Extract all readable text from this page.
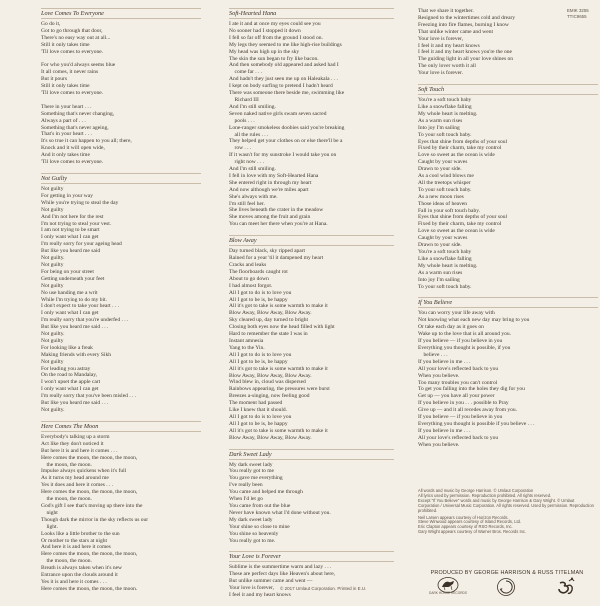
Love Comes To Everyone
Go do it,
Got to go through that door,
There's no easy way out at all...
Still it only takes time
'Til love comes to everyone.
For who you'd always seems blue
It all comes, it never rains
But it pours
Still it only takes time
'Til love comes to everyone.
There in your heart . . .
Something that's never changing,
Always a part of . . .
Something that's never ageing,
That's in your heart . . .
It's so true it can happen to you all; there,
Knock and it will open wide,
And it only takes time
'Til love comes to everyone.
Not Guilty
Not guilty
For getting in your way
While you're trying to steal the day
Not guilty
And I'm not here for the rest
I'm not trying to steal your vest.
I am not trying to be smart
I only want what I can get
I'm really sorry for your ageing head
But like you heard me said
Not guilty.
Not guilty
For being on your street
Getting underneath your feet
Not guilty
No use handing me a writ
While I'm trying to do my bit.
I don't expect to take your heart . . .
I only want what I can get
I'm really sorry that you're underfed . . .
But like you heard me said . . .
Not guilty.
Not guilty
For looking like a freak
Making friends with every Sikh
Not guilty
For leading you astray
On the road to Mandalay,
I won't upset the apple cart
I only want what I can get
I'm really sorry that you've been misled . . .
But like you heard me said . . .
Not guilty.
Here Comes The Moon
Everybody's talking up a storm
Act like they don't noticed it
But here it is and here it comes . . .
Here comes the moon, the moon, the moon,
the moon, the moon.
Impulse always quickens when it's full
As it turns my head around me
Yes it does and here it comes . . .
Here comes the moon, the moon, the moon,
the moon, the moon.
God's gift I see that's moving up there into the
night
Though dark the mirror in the sky reflects us our
light.
Looks like a little brother to the sun
Or mother to the stars at night
And here it is and here it comes
Here comes the moon, the moon, the moon,
the moon, the moon.
Breath is always taken when it's new
Entrance upon the clouds around it
Yes it is and here it comes . . .
Here comes the moon, the moon, the moon.
Soft-Hearted Hana
I ate it and at once my eyes could see you
No sooner had I stopped it down
I fell so far off from the ground I stood on.
My legs they seemed to me like high-rise buildings
My head was high up in the sky
The skin the sun began to fry like bacon.
And then somebody old appeared and asked had I
come far . . .
And hadn't they just seen me up on Haleakala . . .
I kept on body surfing to pretend I hadn't heard
There was someone there beside me, swimming like
Richard III
And I'm still smiling.
Seven naked native girls swam seven sacred
pools . . .
Lone-ranger smokeless doobies said you're breaking
all the rules . . .
They helped get your clothes on or else there'll be a
row . . .
If it wasn't for my sunstroke I would take you on
right now . . .
And I'm still smiling.
I fell in love with my Soft-Hearted Hana
She entered right in through my heart
And now although we're miles apart
She's always with me.
I'm still feel her.
She lives beneath the crater in the meadow
She moves among the fruit and grain
You can meet her there when you're at Hana.
Blow Away
Day turned black, sky ripped apart
Rained for a year 'til it dampened my heart
Cracks and leaks
The floorboards caught rot
About to go down
I had almost forgot.
All I got to do is to love you
All I got to be is, be happy
All it's got to take is some warmth to make it
Blow Away, Blow Away, Blow Away.
Sky cleared up, day turned to bright
Closing both eyes now the head filled with light
Hard to remember the state I was in
Instant amnesia
Yang to the Yin.
All I got to do is to love you
All I got to be is, be happy
All it's got to take is some warmth to make it
Blow Away, Blow Away, Blow Away.
Wind blew in, cloud was dispersed
Rainbows appearing, the pressures were burst
Breezes a-singing, now feeling good
The moment had passed
Like I knew that it should.
All I got to do is to love you
All I got to be is, be happy
All it's got to take is some warmth to make it
Blow Away, Blow Away, Blow Away.
Dark Sweet Lady
My dark sweet lady
You really got to me
You gave me everything
I've really been
You came and helped me through
When I'd let go
You came from out the blue
Never have known what I'd done without you.
My dark sweet lady
Your shine so close to mine
You shine so heavenly
You really got to me.
Your Love is Forever
Sublime is the summertime warm and lazy . . .
These are perfect days like Heaven's about here,
But unlike summer came and went —
Your love is forever,
I feel it and my heart knows
That we share it together.
Resigned to the wintertimes cold and dreary
Freezing into fire flames, burning I know
That unlike winter came and went
Your love is forever,
I feel it and my heart knows
I feel it and my heart knows you're the one
The guiding light in all your love shines on
The only lover worth it all
Your love is forever.
Soft Touch
You're a soft touch baby
Like a snowflake falling
My whole heart is melting.
As a warm sun rises
Into joy I'm sailing
To your soft touch baby.
Eyes that shine from depths of your soul
Fixed by their charm, take my control
Love so sweet as the ocean is wide
Caught by your waves
Drawn to your side.
As a cool wind blows me
All the treetops whisper
To your soft touch baby.
As a new moon rises
Those ideas of heaven
Fall in your soft touch baby.
Eyes that shine from depths of your soul
Fixed by their charm, take my control
Love so sweet as the ocean is wide
Caught by your waves
Drawn to your side.
You're a soft touch baby
Like a snowflake falling
My whole heart is melting.
As a warm sun rises
Into joy I'm sailing
To your soft touch baby.
If You Believe
You can worry your life away with
Not knowing what each new day may bring to you
Or take each day as it goes on
Wake up to the love that is all around you.
If you believe — if you believe in you
Everything you thought is possible, if you
believe . . .
If you believe in me . . .
All your love's reflected back to you
When you believe.
Too many troubles you can't control
To get you falling into the holes they dig for you
Get up — you have all your power
If you believe in you . . . possible to Pray
Give up — and it all recedes away from you.
If you believe — if you believe in you
Everything you thought is possible if you believe . . .
If you believe in me . . .
All your love's reflected back to you
When you believe.
EMIK 3255
TTIC9655
All words and music by George Harrison. © Umlaut Corporation
All lyrics used by permission. Reproduction prohibited. All rights reserved.
Except "If You Believe" words and music by George Harrison & Gary Wright. © Umlaut Corporation / Universal Music Corporation. All rights reserved. Used by permission. Reproduction prohibited.
Neil Larsen appears courtesy of Horizon Records.
Steve Winwood appears courtesy of Island Records, Ltd.
Eric Clapton appears courtesy of RSO Records, Inc.
Gary Wright appears courtesy of Warner Bros. Records Inc.
PRODUCED BY GEORGE HARRISON & RUSS TITELMAN
DARK HORSE RECORDS
© 2017 Umlaut Corporation. Printed in E.U.
